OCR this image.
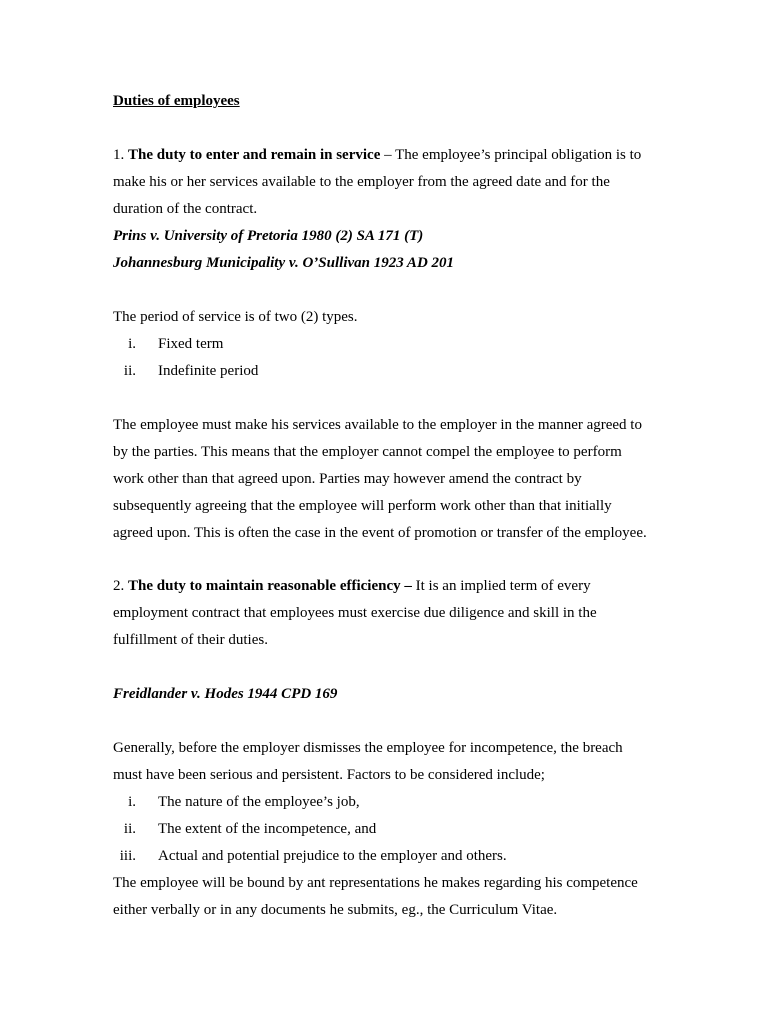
Duties of employees
1. The duty to enter and remain in service – The employee’s principal obligation is to
make his or her services available to the employer from the agreed date and for the
duration of the contract.
Prins v. University of Pretoria 1980 (2) SA 171 (T)
Johannesburg Municipality v. O’Sullivan 1923 AD 201
The period of service is of two (2) types.
i. Fixed term
ii. Indefinite period
The employee must make his services available to the employer in the manner agreed to
by the parties. This means that the employer cannot compel the employee to perform
work other than that agreed upon. Parties may however amend the contract by
subsequently agreeing that the employee will perform work other than that initially
agreed upon. This is often the case in the event of promotion or transfer of the employee.
2. The duty to maintain reasonable efficiency – It is an implied term of every
employment contract that employees must exercise due diligence and skill in the
fulfillment of their duties.
Freidlander v. Hodes 1944 CPD 169
Generally, before the employer dismisses the employee for incompetence, the breach
must have been serious and persistent. Factors to be considered include;
i. The nature of the employee’s job,
ii. The extent of the incompetence, and
iii. Actual and potential prejudice to the employer and others.
The employee will be bound by ant representations he makes regarding his competence
either verbally or in any documents he submits, eg., the Curriculum Vitae.
